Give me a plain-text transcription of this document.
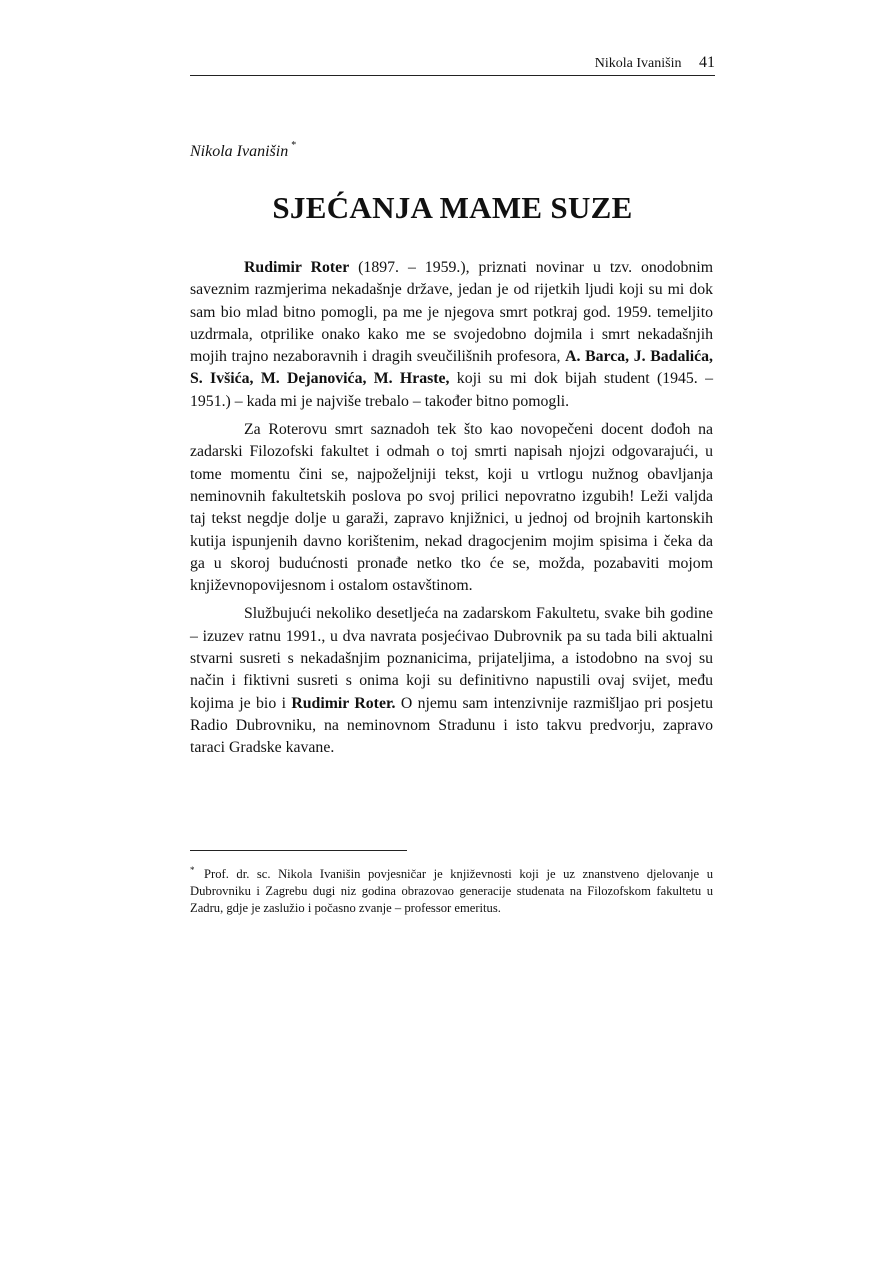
Nikola Ivanišin 41
Nikola Ivanišin *
SJEĆANJA MAME SUZE

Rudimir Roter (1897. – 1959.), priznati novinar u tzv. onodobnim saveznim razmjerima nekadašnje države, jedan je od rijetkih ljudi koji su mi dok sam bio mlad bitno pomogli, pa me je njegova smrt potkraj god. 1959. temeljito uzdrmala, otprilike onako kako me se svojedobno dojmila i smrt nekadašnjih mojih trajno nezaboravnih i dragih sveučilišnih profesora, A. Barca, J. Badalića, S. Ivšića, M. Dejanovića, M. Hraste, koji su mi dok bijah student (1945. – 1951.) – kada mi je najviše trebalo – također bitno pomogli.

Za Roterovu smrt saznadoh tek što kao novopečeni docent dođoh na zadarski Filozofski fakultet i odmah o toj smrti napisah njojzi odgovarajući, u tome momentu čini se, najpoželjniji tekst, koji u vrtlogu nužnog obavljanja neminovnih fakultetskih poslova po svoj prilici nepovratno izgubih! Leži valjda taj tekst negdje dolje u garaži, zapravo knjižnici, u jednoj od brojnih kartonskih kutija ispunjenih davno korištenim, nekad dragocjenim mojim spisima i čeka da ga u skoroj budućnosti pronađe netko tko će se, možda, pozabaviti mojom književnopovijesnom i ostalom ostavštinom.

Službujući nekoliko desetljeća na zadarskom Fakultetu, svake bih godine – izuzev ratnu 1991., u dva navrata posjećivao Dubrovnik pa su tada bili aktualni stvarni susreti s nekadašnjim poznanicima, prijateljima, a istodobno na svoj su način i fiktivni susreti s onima koji su definitivno napustili ovaj svijet, među kojima je bio i Rudimir Roter. O njemu sam intenzivnije razmišljao pri posjetu Radio Dubrovniku, na neminovnom Stradunu i isto takvu predvorju, zapravo taraci Gradske kavane.

* Prof. dr. sc. Nikola Ivanišin povjesničar je književnosti koji je uz znanstveno djelovanje u Dubrovniku i Zagrebu dugi niz godina obrazovao generacije studenata na Filozofskom fakultetu u Zadru, gdje je zaslužio i počasno zvanje – professor emeritus.
